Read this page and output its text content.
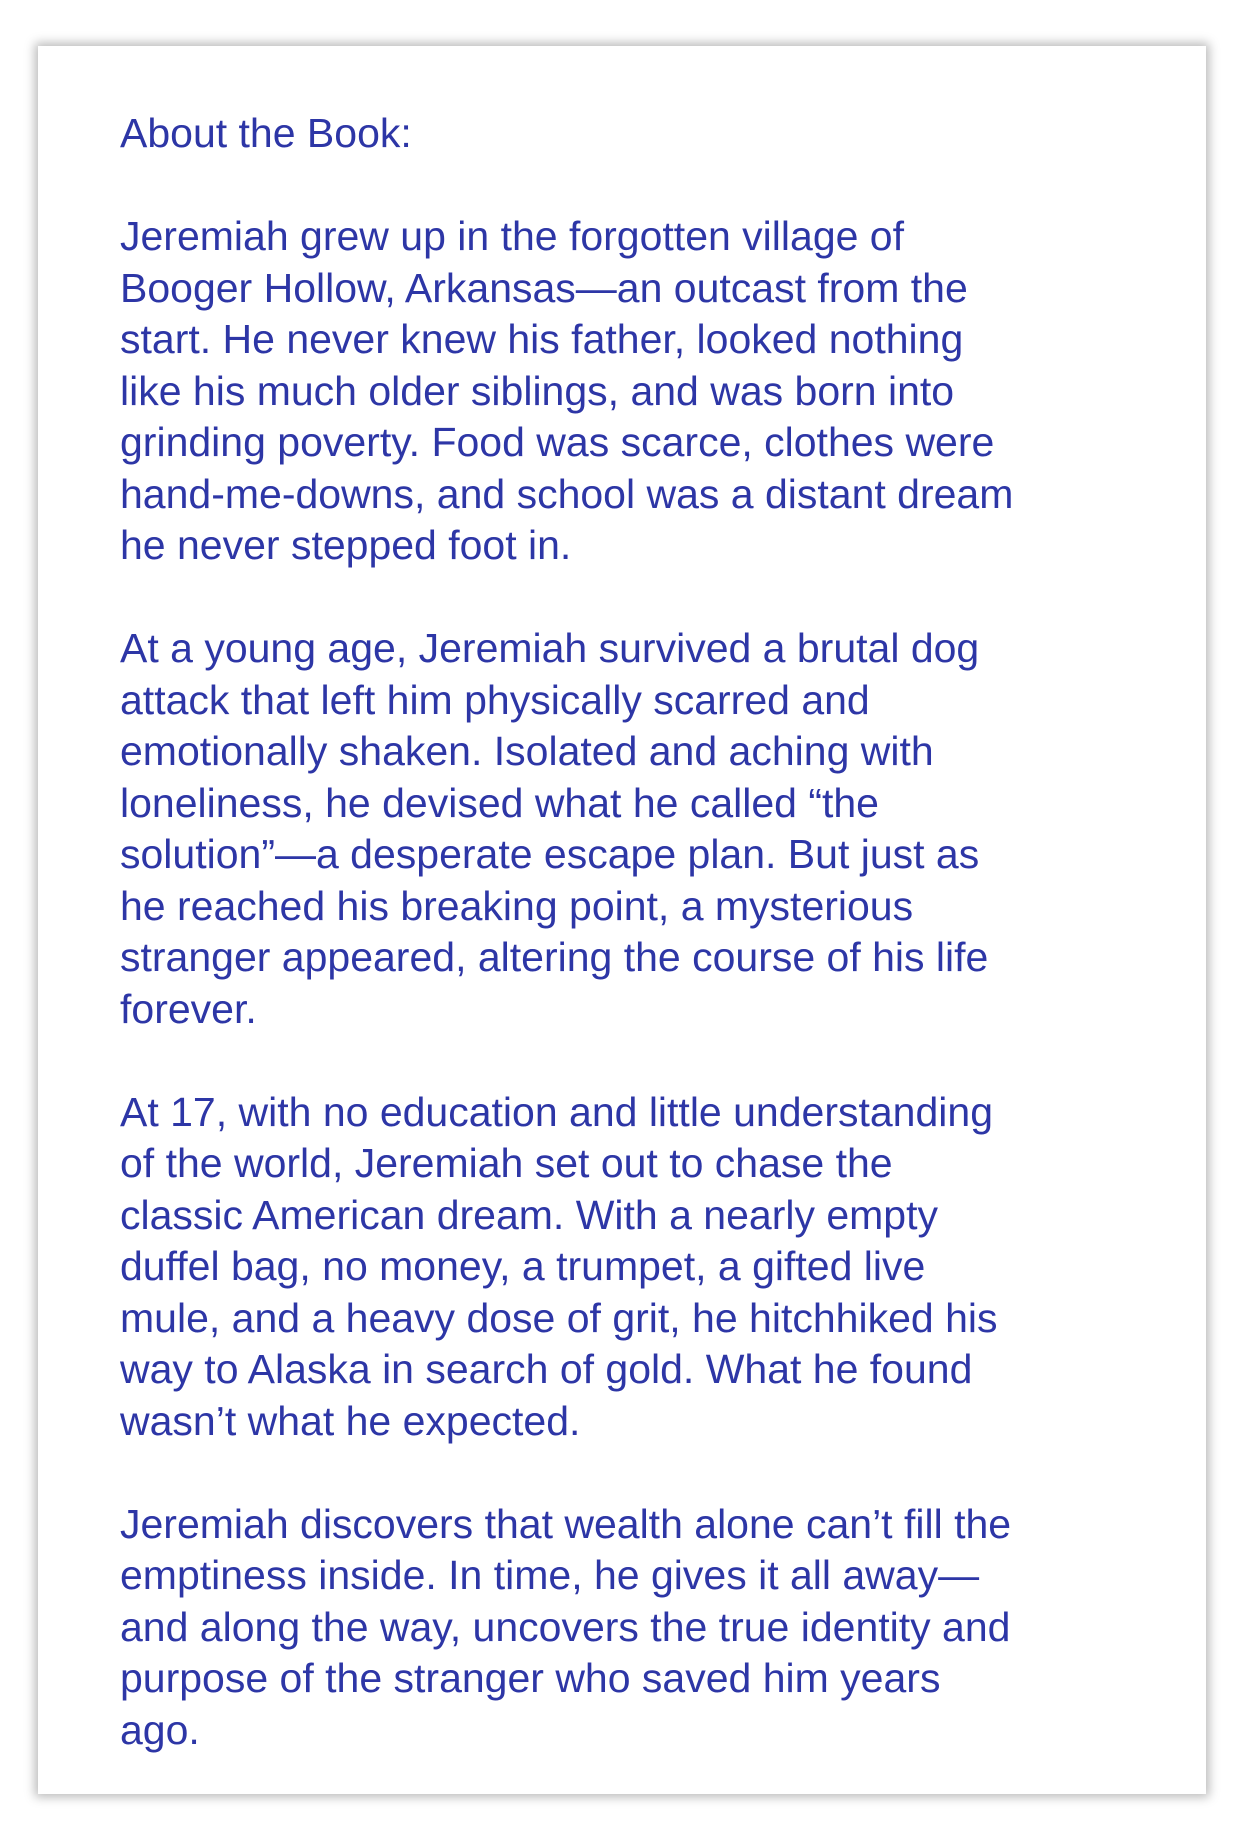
About the Book:

Jeremiah grew up in the forgotten village of
Booger Hollow, Arkansas—an outcast from the
start. He never knew his father, looked nothing
like his much older siblings, and was born into
grinding poverty. Food was scarce, clothes were
hand-me-downs, and school was a distant dream
he never stepped foot in.

At a young age, Jeremiah survived a brutal dog
attack that left him physically scarred and
emotionally shaken. Isolated and aching with
loneliness, he devised what he called “the
solution”—a desperate escape plan. But just as
he reached his breaking point, a mysterious
stranger appeared, altering the course of his life
forever.

At 17, with no education and little understanding
of the world, Jeremiah set out to chase the
classic American dream. With a nearly empty
duffel bag, no money, a trumpet, a gifted live
mule, and a heavy dose of grit, he hitchhiked his
way to Alaska in search of gold. What he found
wasn’t what he expected.

Jeremiah discovers that wealth alone can’t fill the
emptiness inside. In time, he gives it all away—
and along the way, uncovers the true identity and
purpose of the stranger who saved him years
ago.
